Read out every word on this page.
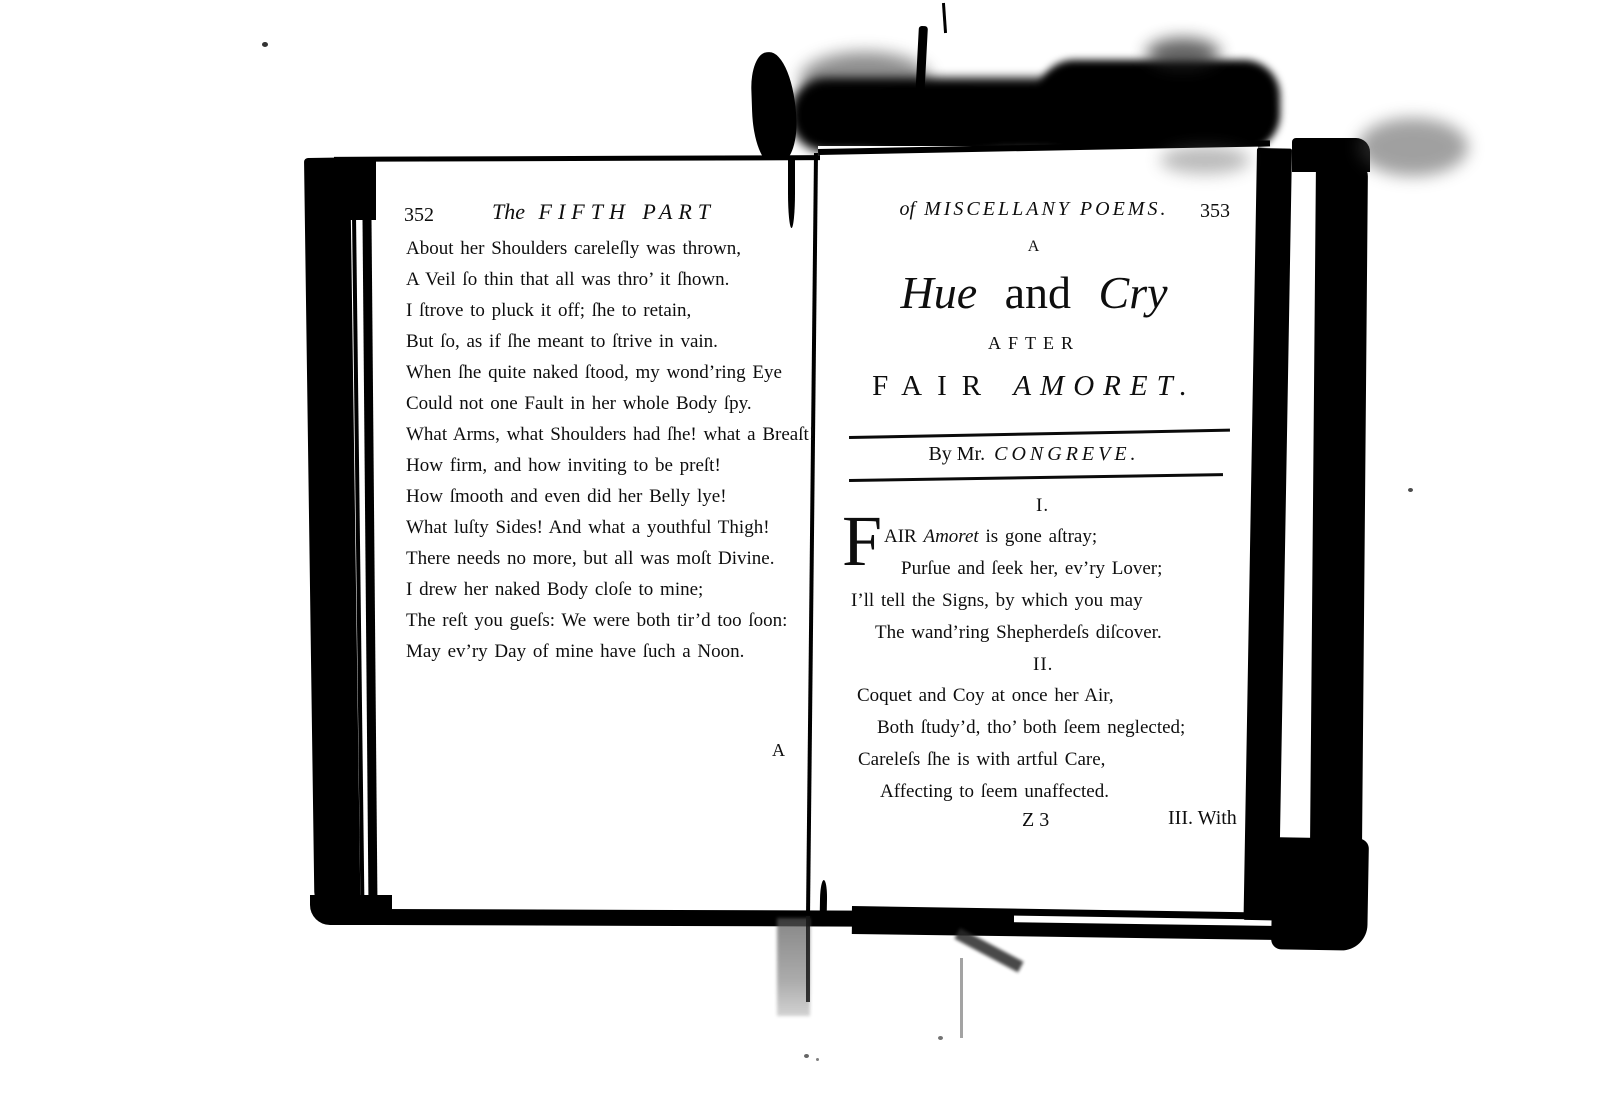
352	The FIFTH PART
About her Shoulders careleſly was thrown,
A Veil ſo thin that all was thro’ it ſhown.
I ſtrove to pluck it off; ſhe to retain,
But ſo, as if ſhe meant to ſtrive in vain.
When ſhe quite naked ſtood, my wond’ring Eye
Could not one Fault in her whole Body ſpy.
What Arms, what Shoulders had ſhe! what a Breaſt!
How firm, and how inviting to be preſt!
How ſmooth and even did her Belly lye!
What luſty Sides! And what a youthful Thigh!
There needs no more, but all was moſt Divine.
I drew her naked Body cloſe to mine;
The reſt you gueſs: We were both tir’d too ſoon:
May ev’ry Day of mine have ſuch a Noon.
A
of MISCELLANY POEMS.	353
A
Hue and Cry
AFTER
FAIR AMORET.
By Mr. CONGREVE.
I.
F AIR Amoret is gone aſtray;
Purſue and ſeek her, ev’ry Lover;
I’ll tell the Signs, by which you may
The wand’ring Shepherdeſs diſcover.
II.
Coquet and Coy at once her Air,
Both ſtudy’d, tho’ both ſeem neglected;
Careleſs ſhe is with artful Care,
Affecting to ſeem unaffected.
Z 3	III. With
